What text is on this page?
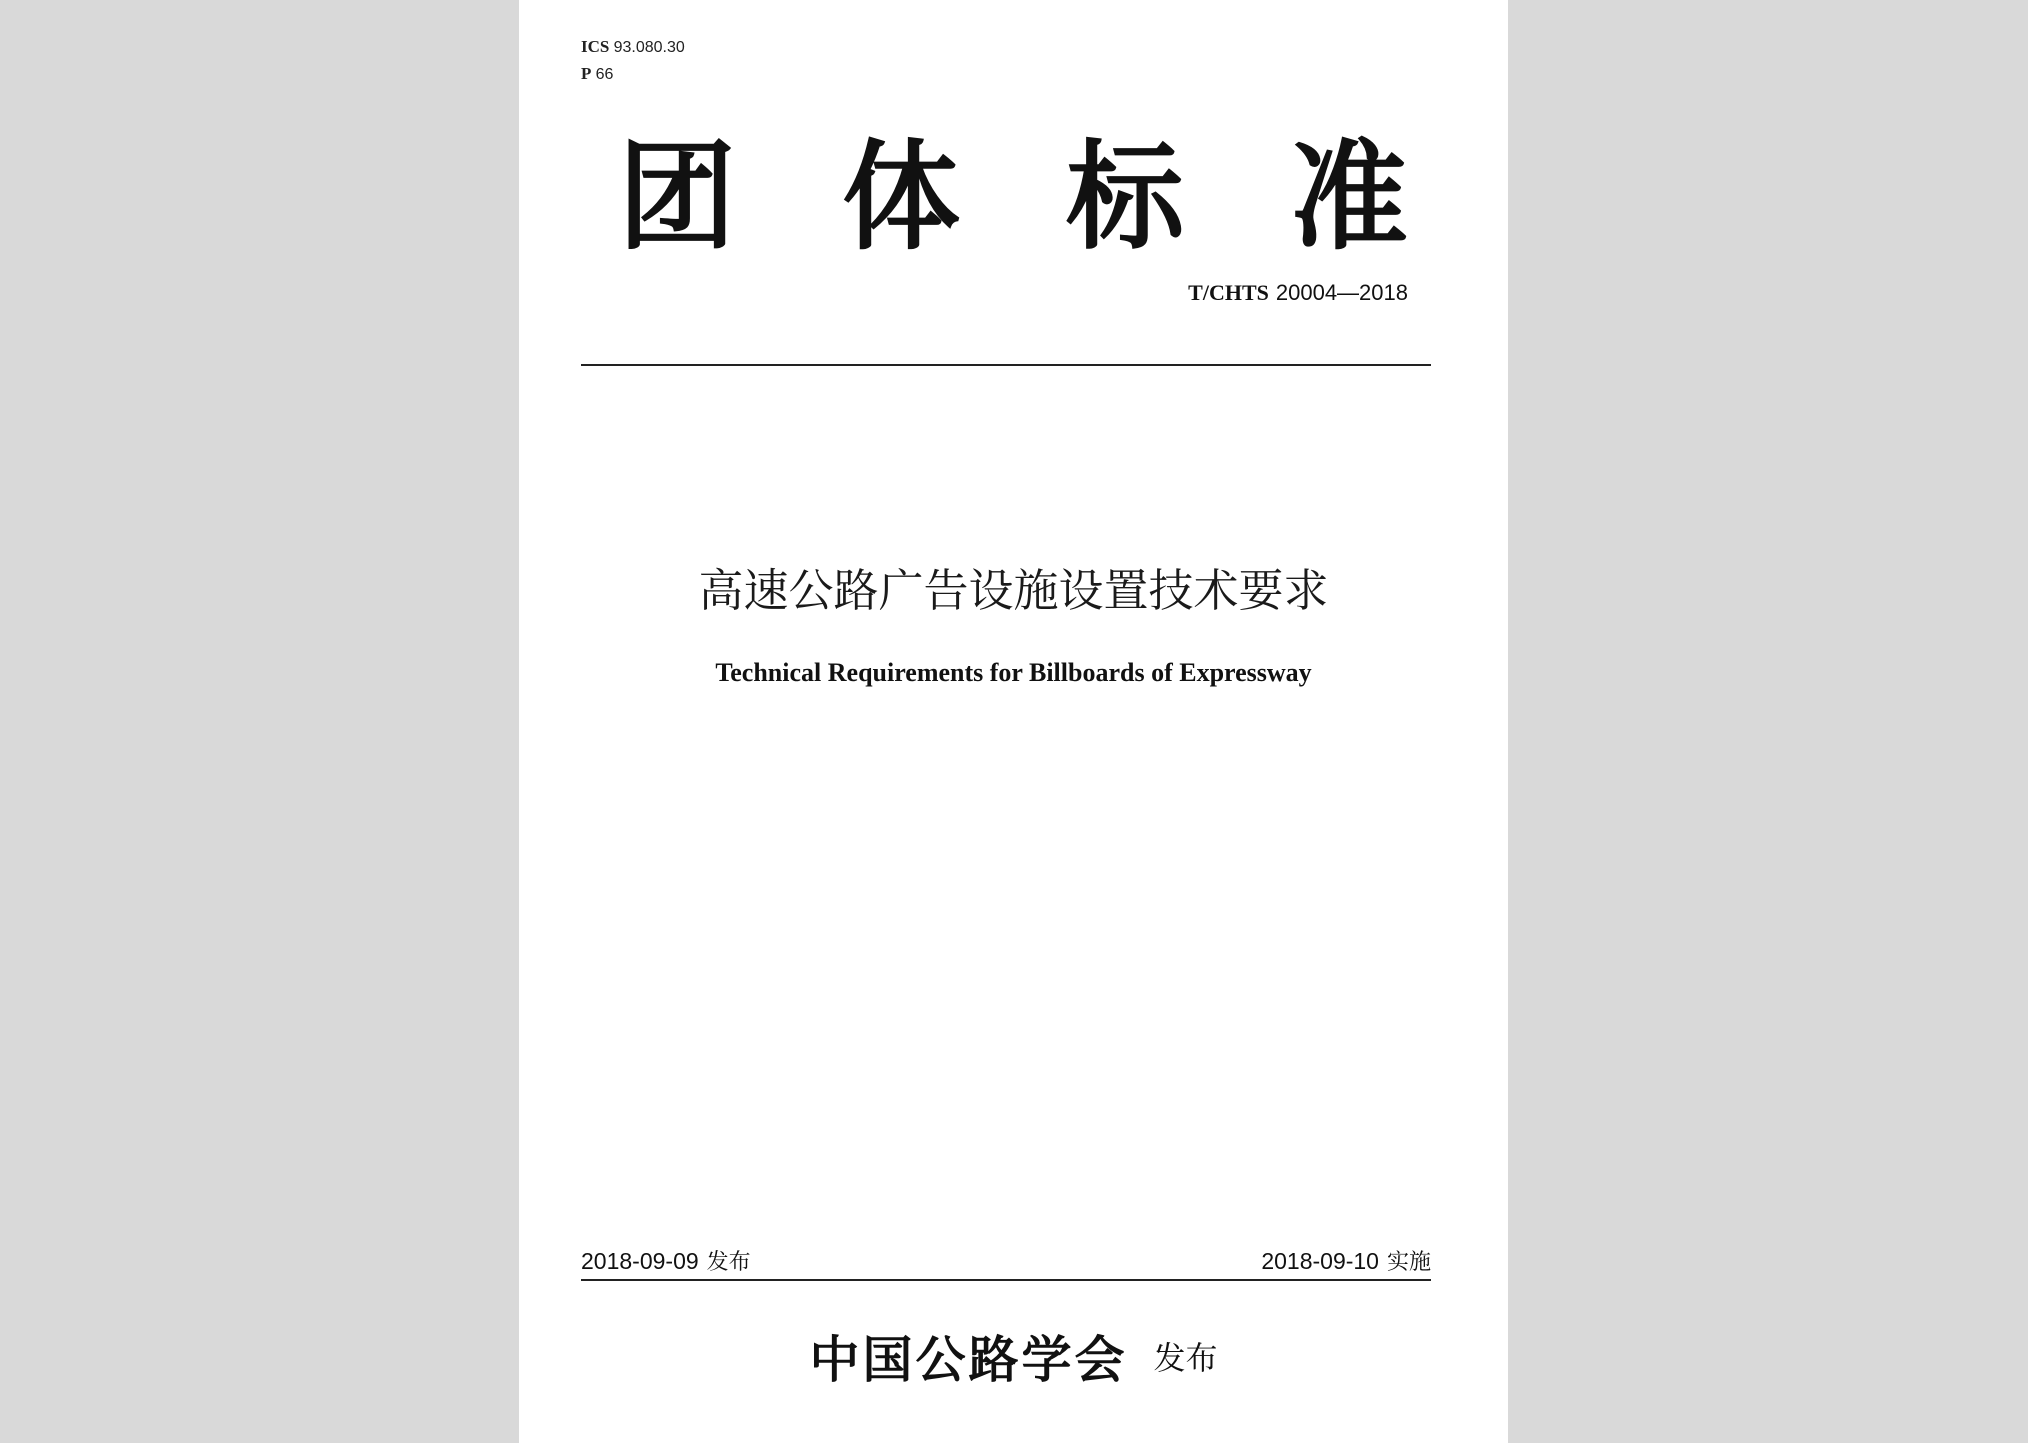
ICS 93.080.30
P 66
团 体 标 准
T/CHTS 20004—2018
高速公路广告设施设置技术要求
Technical Requirements for Billboards of Expressway
2018-09-09 发布	2018-09-10 实施
中国公路学会 发布
